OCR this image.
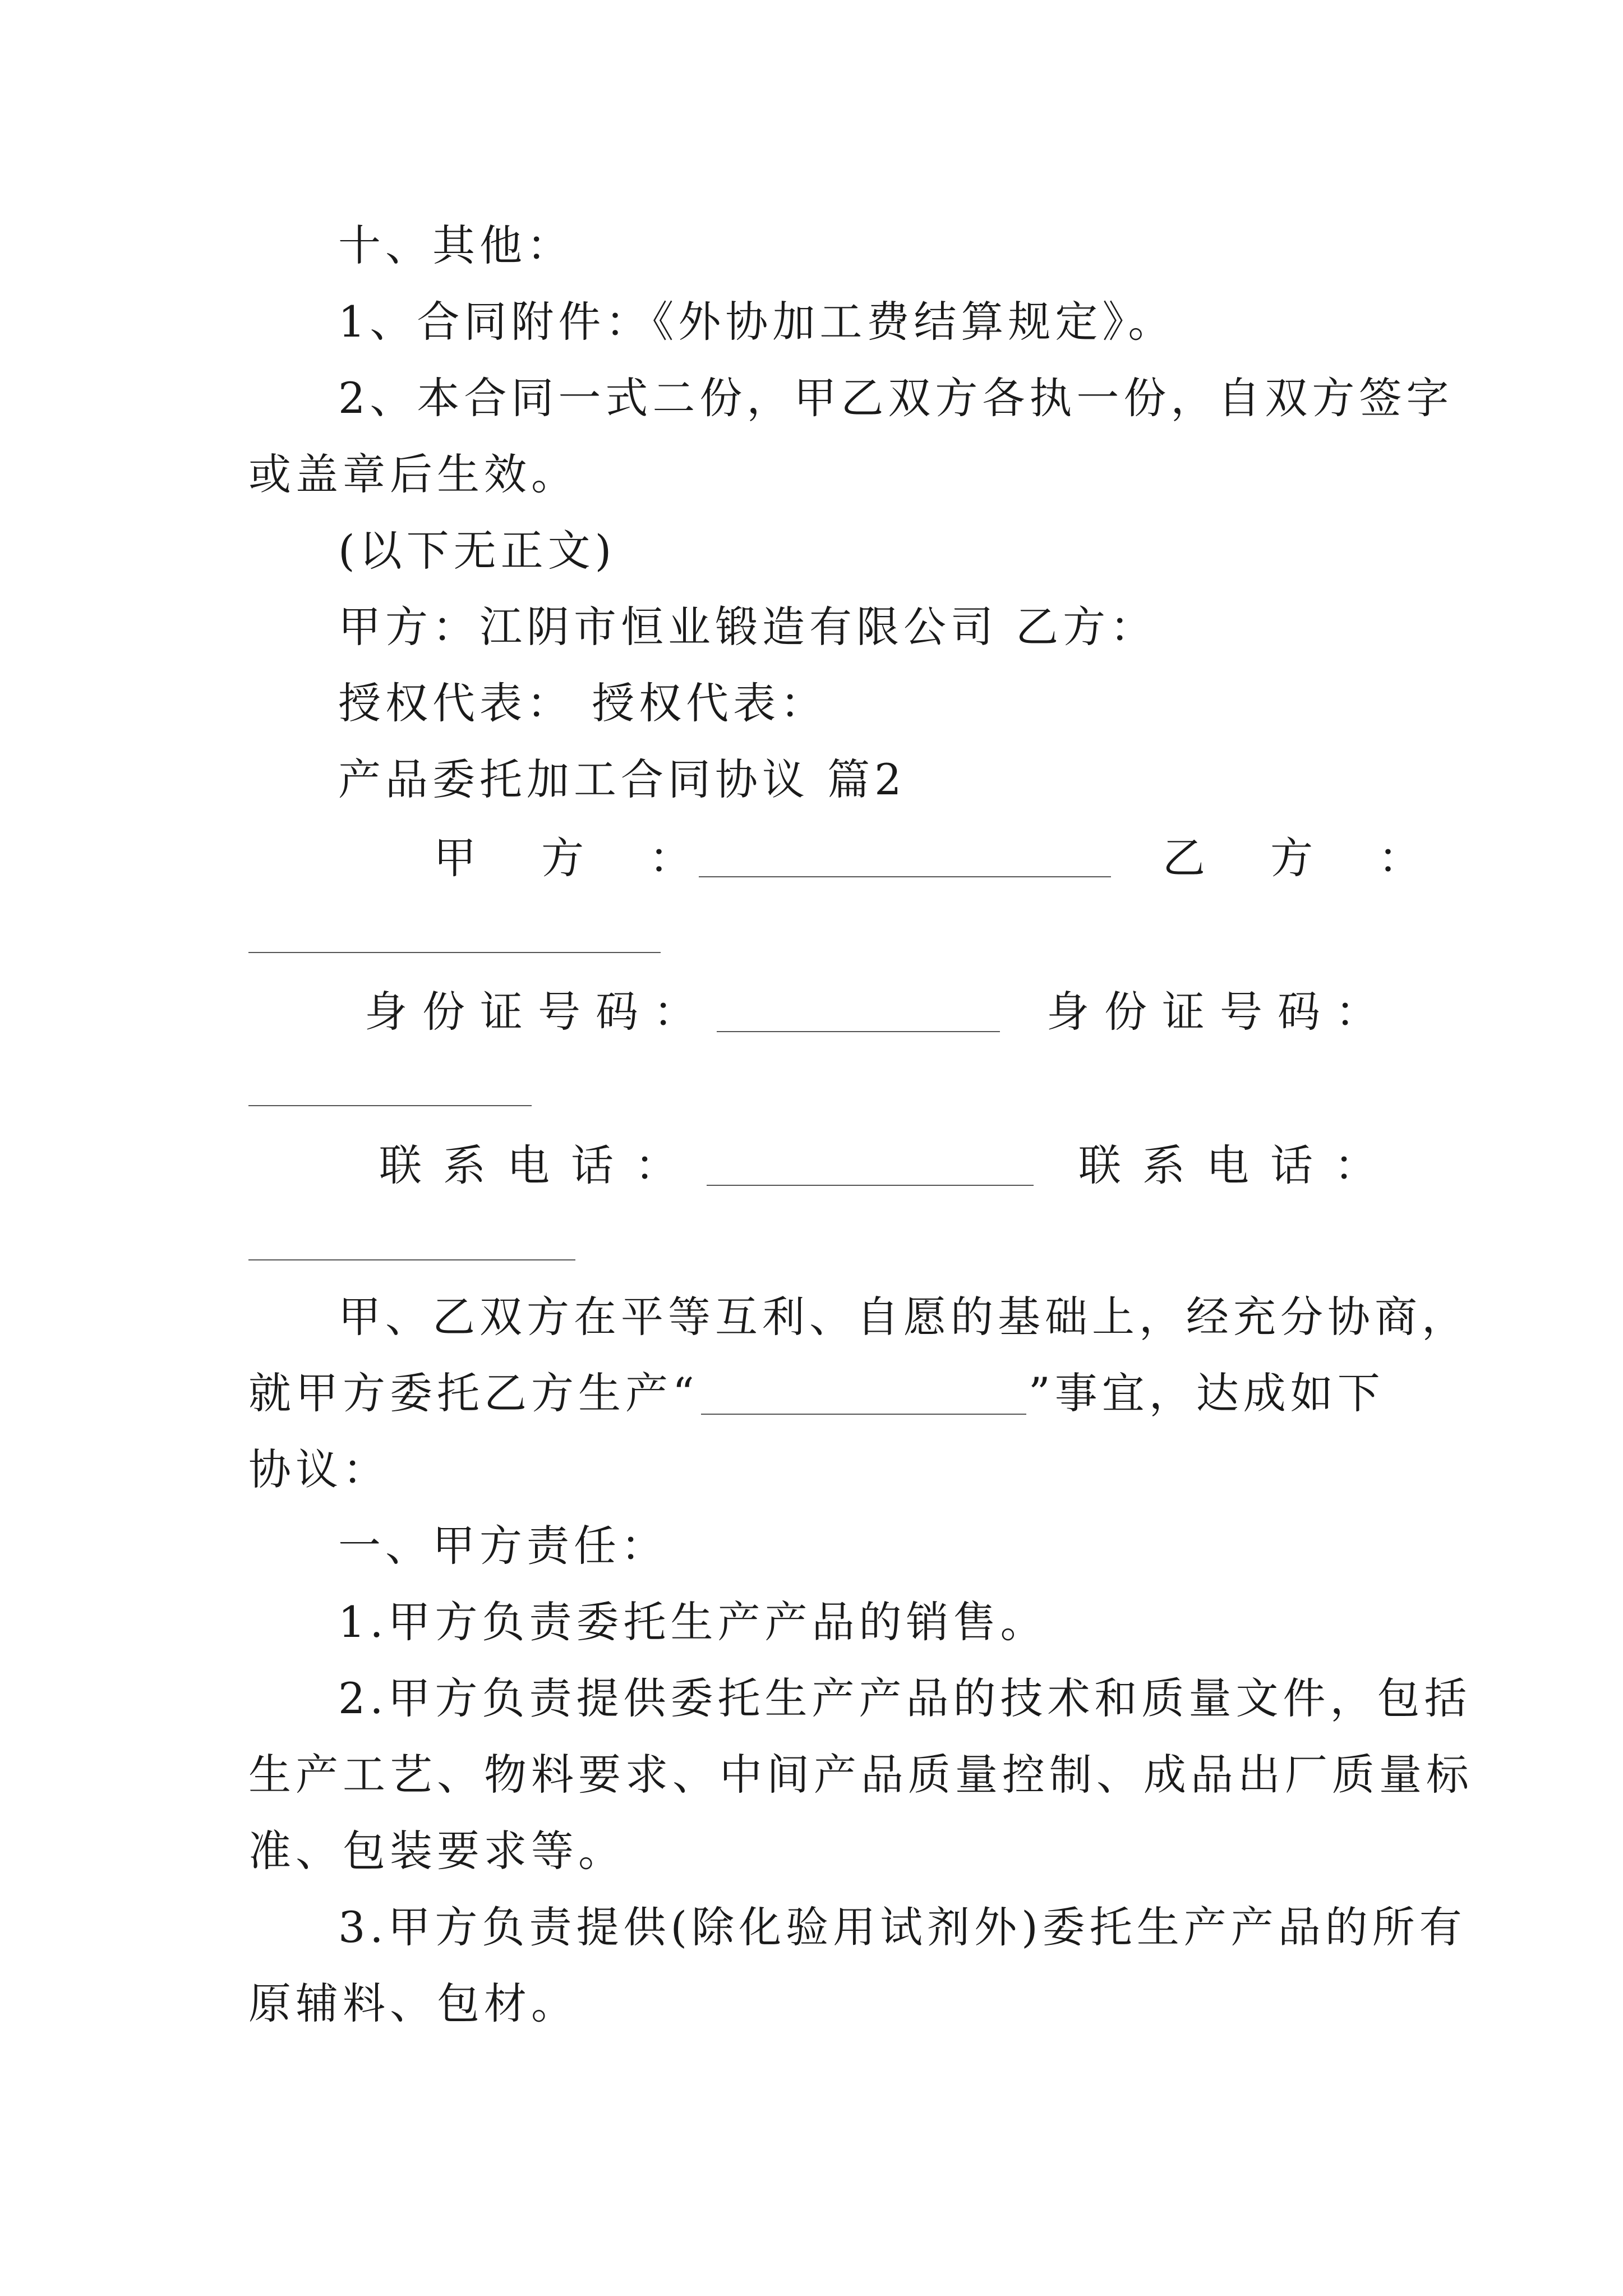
十、其他：
1、合同附件：《外协加工费结算规定》。
2、本合同一式二份，甲乙双方各执一份，自双方签字
或盖章后生效。
(以下无正文)
甲方：江阴市恒业锻造有限公司 乙方：
授权代表： 授权代表：
产品委托加工合同协议 篇2
甲 方 ：	乙 方 ：
身份证号码：	身份证号码：
联系电话：	联系电话：
甲、乙双方在平等互利、自愿的基础上，经充分协商，
就甲方委托乙方生产“	”事宜，达成如下
协议：
一、甲方责任：
1.甲方负责委托生产产品的销售。
2.甲方负责提供委托生产产品的技术和质量文件，包括
生产工艺、物料要求、中间产品质量控制、成品出厂质量标
准、包装要求等。
3.甲方负责提供(除化验用试剂外)委托生产产品的所有
原辅料、包材。
